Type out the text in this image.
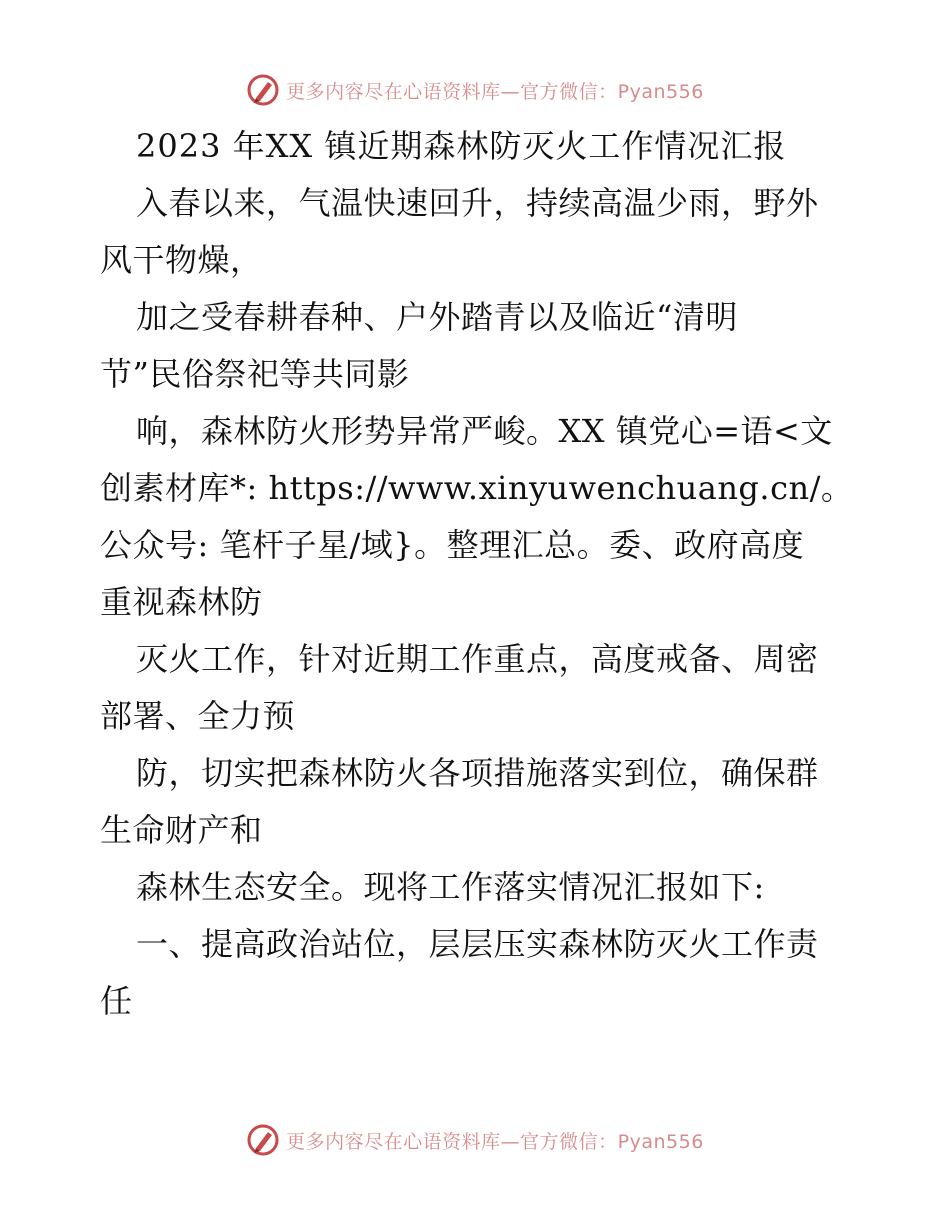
更多内容尽在心语资料库—官方微信：Pyan556
2023 年XX 镇近期森林防灭火工作情况汇报
入春以来，气温快速回升，持续高温少雨，野外
风干物燥，
加之受春耕春种、户外踏青以及临近“清明
节”民俗祭祀等共同影
响，森林防火形势异常严峻。XX 镇党心=语<文
创素材库*: https://www.xinyuwenchuang.cn/。
公众号: 笔杆子星/域}。整理汇总。委、政府高度
重视森林防
灭火工作，针对近期工作重点，高度戒备、周密
部署、全力预
防，切实把森林防火各项措施落实到位，确保群
生命财产和
森林生态安全。现将工作落实情况汇报如下:
一、提高政治站位，层层压实森林防灭火工作责
任
更多内容尽在心语资料库—官方微信：Pyan556
